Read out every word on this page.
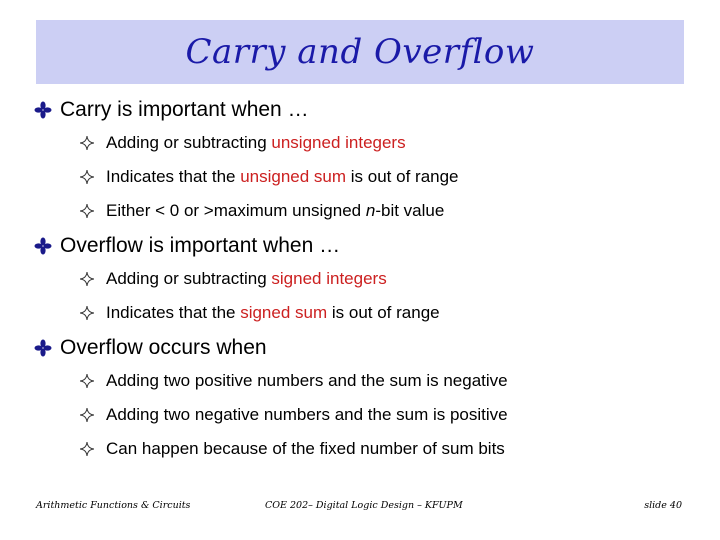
Carry and Overflow
Carry is important when …
Adding or subtracting unsigned integers
Indicates that the unsigned sum is out of range
Either < 0 or >maximum unsigned n-bit value
Overflow is important when …
Adding or subtracting signed integers
Indicates that the signed sum is out of range
Overflow occurs when
Adding two positive numbers and the sum is negative
Adding two negative numbers and the sum is positive
Can happen because of the fixed number of sum bits
Arithmetic Functions & Circuits	COE 202– Digital Logic Design – KFUPM	slide 40
